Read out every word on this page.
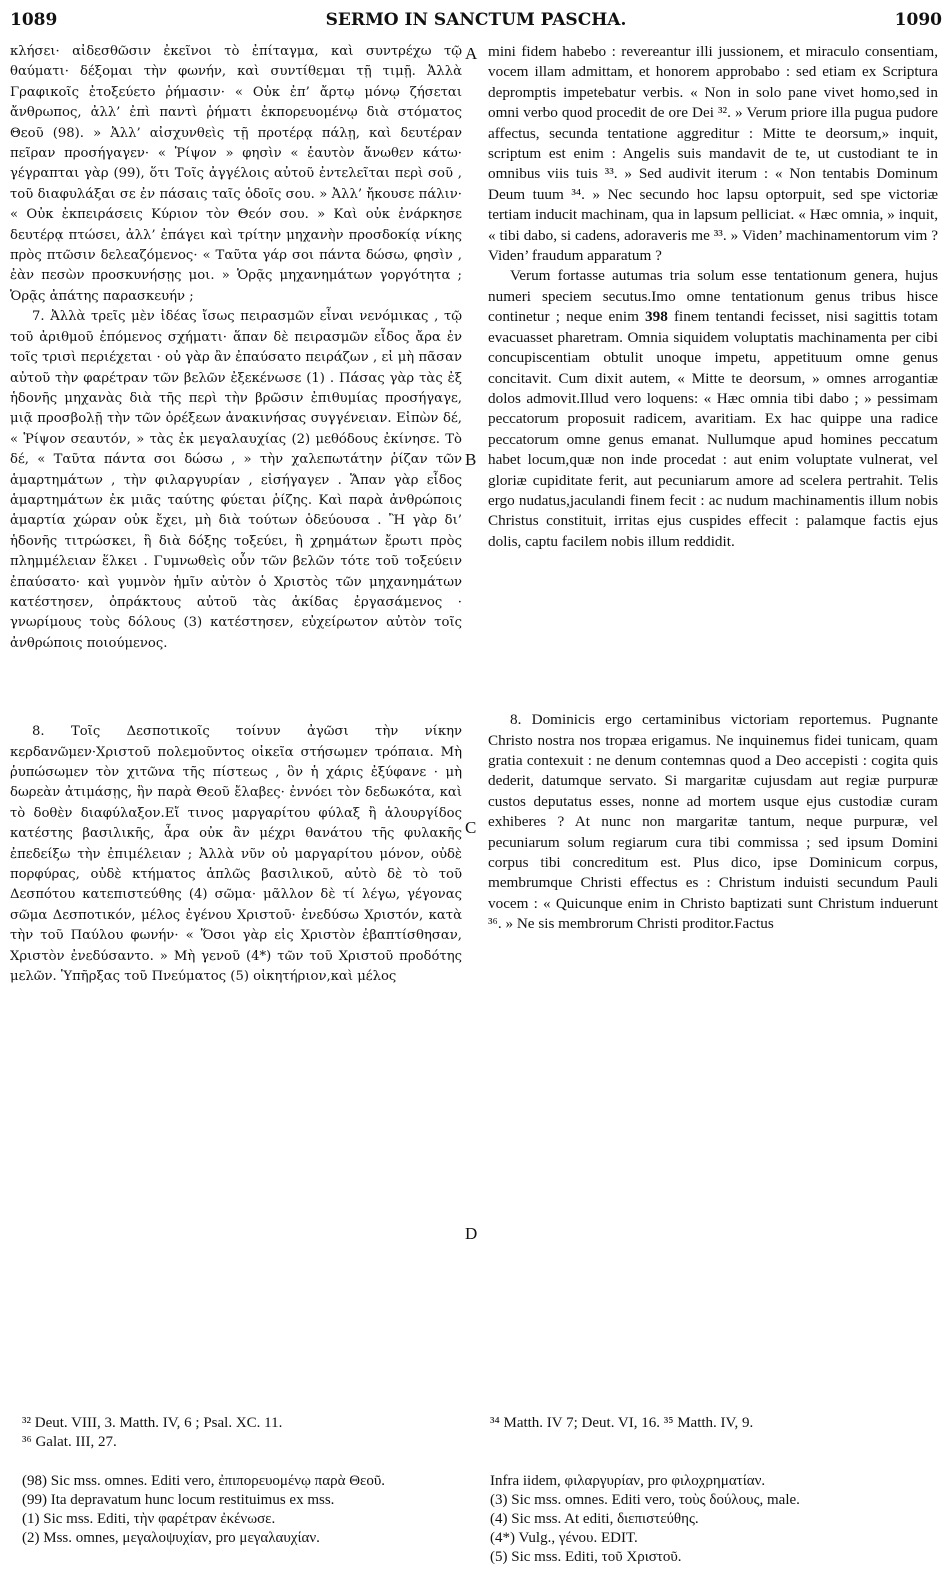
1089	SERMO IN SANCTUM PASCHA.	1090

κλήσει· αἰδεσθῶσιν ἐκεῖνοι τὸ ἐπίταγμα, καὶ συντρέχω τῷ θαύματι· δέξομαι τὴν φωνήν, καὶ συντίθεμαι τῇ τιμῇ. Ἀλλὰ Γραφικοῖς ἐτοξεύετο ῥήμασιν· « Οὐκ ἐπ’ ἄρτῳ μόνῳ ζήσεται ἄνθρωπος, ἀλλ’ ἐπὶ παντὶ ῥήματι ἐκπορευομένῳ διὰ στόματος Θεοῦ (98). » Ἀλλ’ αἰσχυνθεὶς τῇ προτέρᾳ πάλῃ, καὶ δευτέραν πεῖραν προσήγαγεν· « Ῥίψον » φησὶν « ἑαυτὸν ἄνωθεν κάτω· γέγραπται γὰρ (99), ὅτι Τοῖς ἀγγέλοις αὐτοῦ ἐντελεῖται περὶ σοῦ , τοῦ διαφυλάξαι σε ἐν πάσαις ταῖς ὁδοῖς σου. » Ἀλλ’ ἤκουσε πάλιν· « Οὐκ ἐκπειράσεις Κύριον τὸν Θεόν σου. » Καὶ οὐκ ἐνάρκησε δευτέρᾳ πτώσει, ἀλλ’ ἐπάγει καὶ τρίτην μηχανὴν προσδοκίᾳ νίκης πρὸς πτῶσιν δελεαζόμενος· « Ταῦτα γάρ σοι πάντα δώσω, φησὶν , ἐὰν πεσὼν προσκυνήσῃς μοι. » Ὁρᾷς μηχανημάτων γοργότητα ; Ὁρᾷς ἀπάτης παρασκευήν ;

7. Ἀλλὰ τρεῖς μὲν ἰδέας ἴσως πειρασμῶν εἶναι νενόμικας , τῷ τοῦ ἀριθμοῦ ἑπόμενος σχήματι· ἅπαν δὲ πειρασμῶν εἶδος ἄρα ἐν τοῖς τρισὶ περιέχεται · οὐ γὰρ ἂν ἐπαύσατο πειράζων , εἰ μὴ πᾶσαν αὐτοῦ τὴν φαρέτραν τῶν βελῶν ἐξεκένωσε (1) . Πάσας γὰρ τὰς ἐξ ἡδονῆς μηχανὰς διὰ τῆς περὶ τὴν βρῶσιν ἐπιθυμίας προσήγαγε, μιᾷ προσβολῇ τὴν τῶν ὀρέξεων ἀνακινήσας συγγένειαν. Εἰπὼν δέ, « Ῥίψον σεαυτόν, » τὰς ἐκ μεγαλαυχίας (2) μεθόδους ἐκίνησε. Τὸ δέ, « Ταῦτα πάντα σοι δώσω , » τὴν χαλεπωτάτην ῥίζαν τῶν ἁμαρτημάτων , τὴν φιλαργυρίαν , εἰσήγαγεν . Ἅπαν γὰρ εἶδος ἁμαρτημάτων ἐκ μιᾶς ταύτης φύεται ῥίζης. Καὶ παρὰ ἀνθρώποις ἁμαρτία χώραν οὐκ ἔχει, μὴ διὰ τούτων ὁδεύουσα . Ἢ γὰρ δι’ ἡδονῆς τιτρώσκει, ἢ διὰ δόξης τοξεύει, ἢ χρημάτων ἔρωτι πρὸς πλημμέλειαν ἕλκει . Γυμνωθεὶς οὖν τῶν βελῶν τότε τοῦ τοξεύειν ἐπαύσατο· καὶ γυμνὸν ἡμῖν αὐτὸν ὁ Χριστὸς τῶν μηχανημάτων κατέστησεν, ὀπράκτους αὐτοῦ τὰς ἀκίδας ἐργασάμενος · γνωρίμους τοὺς δόλους (3) κατέστησεν, εὐχείρωτον αὐτὸν τοῖς ἀνθρώποις ποιούμενος.

8. Τοῖς Δεσποτικοῖς τοίνυν ἀγῶσι τὴν νίκην κερδανῶμεν·Χριστοῦ πολεμοῦντος οἰκεῖα στήσωμεν τρόπαια. Μὴ ῥυπώσωμεν τὸν χιτῶνα τῆς πίστεως , ὃν ἡ χάρις ἐξύφανε · μὴ δωρεὰν ἀτιμάσῃς, ἣν παρὰ Θεοῦ ἔλαβες· ἐννόει τὸν δεδωκότα, καὶ τὸ δοθὲν διαφύλαξον.Εἴ τινος μαργαρίτου φύλαξ ἢ ἁλουργίδος κατέστης βασιλικῆς, ἆρα οὐκ ἂν μέχρι θανάτου τῆς φυλακῆς ἐπεδείξω τὴν ἐπιμέλειαν ; Ἀλλὰ νῦν οὐ μαργαρίτου μόνον, οὐδὲ πορφύρας, οὐδὲ κτήματος ἁπλῶς βασιλικοῦ, αὐτὸ δὲ τὸ τοῦ Δεσπότου κατεπιστεύθης (4) σῶμα· μᾶλλον δὲ τί λέγω, γέγονας σῶμα Δεσποτικόν, μέλος ἐγένου Χριστοῦ· ἐνεδύσω Χριστόν, κατὰ τὴν τοῦ Παύλου φωνήν· « Ὅσοι γὰρ εἰς Χριστὸν ἐβαπτίσθησαν, Χριστὸν ἐνεδύσαντο. » Μὴ γενοῦ (4*) τῶν τοῦ Χριστοῦ προδότης μελῶν. Ὑπῆρξας τοῦ Πνεύματος (5) οἰκητήριον,καὶ μέλος

A
B
C
D

mini fidem habebo : revereantur illi jussionem, et miraculo consentiam, vocem illam admittam, et honorem approbabo : sed etiam ex Scriptura depromptis impetebatur verbis. « Non in solo pane vivet homo,sed in omni verbo quod procedit de ore Dei ³². » Verum priore illa pugua pudore affectus, secunda tentatione aggreditur : Mitte te deorsum,» inquit, scriptum est enim : Angelis suis mandavit de te, ut custodiant te in omnibus viis tuis ³³. » Sed audivit iterum : « Non tentabis Dominum Deum tuum ³⁴. » Nec secundo hoc lapsu optorpuit, sed spe victoriæ tertiam inducit machinam, qua in lapsum pelliciat. « Hæc omnia, » inquit, « tibi dabo, si cadens, adoraveris me ³³. » Viden’ machinamentorum vim ? Viden’ fraudum apparatum ?

Verum fortasse autumas tria solum esse tentationum genera, hujus numeri speciem secutus.Imo omne tentationum genus tribus hisce continetur ; neque enim 398 finem tentandi fecisset, nisi sagittis totam evacuasset pharetram. Omnia siquidem voluptatis machinamenta per cibi concupiscentiam obtulit unoque impetu, appetituum omne genus concitavit. Cum dixit autem, « Mitte te deorsum, » omnes arrogantiæ dolos admovit.Illud vero loquens: « Hæc omnia tibi dabo ; » pessimam peccatorum proposuit radicem, avaritiam. Ex hac quippe una radice peccatorum omne genus emanat. Nullumque apud homines peccatum habet locum,quæ non inde procedat : aut enim voluptate vulnerat, vel gloriæ cupiditate ferit, aut pecuniarum amore ad scelera pertrahit. Telis ergo nudatus,jaculandi finem fecit : ac nudum machinamentis illum nobis Christus constituit, irritas ejus cuspides effecit : palamque factis ejus dolis, captu facilem nobis illum reddidit.

8. Dominicis ergo certaminibus victoriam reportemus. Pugnante Christo nostra nos tropæa erigamus. Ne inquinemus fidei tunicam, quam gratia contexuit : ne denum contemnas quod a Deo accepisti : cogita quis dederit, datumque servato. Si margaritæ cujusdam aut regiæ purpuræ custos deputatus esses, nonne ad mortem usque ejus custodiæ curam exhiberes ? At nunc non margaritæ tantum, neque purpuræ, vel pecuniarum solum regiarum cura tibi commissa ; sed ipsum Domini corpus tibi concreditum est. Plus dico, ipse Dominicum corpus, membrumque Christi effectus es : Christum induisti secundum Pauli vocem : « Quicunque enim in Christo baptizati sunt Christum induerunt ³⁶. » Ne sis membrorum Christi proditor.Factus

³² Deut. VIII, 3. Matth. IV, 6 ; Psal. XC. 11.

³⁶ Galat. III, 27.

³⁴ Matth. IV 7; Deut. VI, 16. ³⁵ Matth. IV, 9.

(98) Sic mss. omnes. Editi vero, ἐπιπορευομένῳ παρὰ Θεοῦ.

(99) Ita depravatum hunc locum restituimus ex mss.

(1) Sic mss. Editi, τὴν φαρέτραν ἐκένωσε.

(2) Mss. omnes, μεγαλοψυχίαν, pro μεγαλαυχίαν.

Infra iidem, φιλαργυρίαν, pro φιλοχρηματίαν.

(3) Sic mss. omnes. Editi vero, τοὺς δούλους, male.

(4) Sic mss. At editi, διεπιστεύθης.

(4*) Vulg., γένου. EDIT.

(5) Sic mss. Editi, τοῦ Χριστοῦ.
